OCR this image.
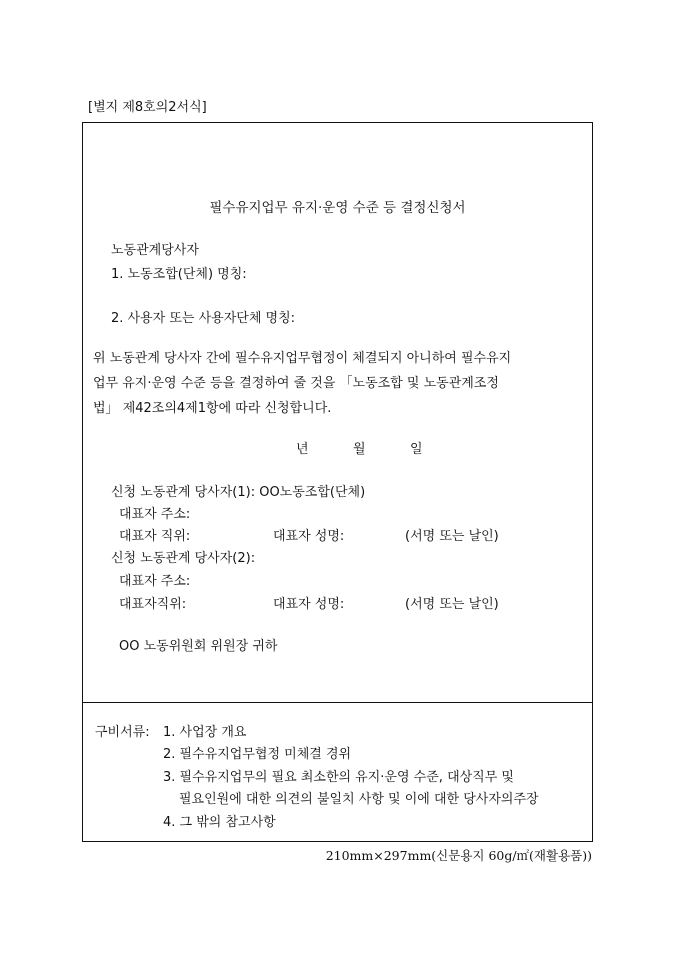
[별지 제8호의2서식]
필수유지업무 유지·운영 수준 등 결정신청서
노동관계당사자
1. 노동조합(단체) 명칭:
2. 사용자 또는 사용자단체 명칭:
위 노동관계 당사자 간에 필수유지업무협정이 체결되지 아니하여 필수유지
업무 유지·운영 수준 등을 결정하여 줄 것을 「노동조합 및 노동관계조정
법」 제42조의4제1항에 따라 신청합니다.
년	월	일
신청 노동관계 당사자(1): OO노동조합(단체)
대표자 주소:
대표자 직위:	대표자 성명:	(서명 또는 날인)
신청 노동관계 당사자(2):
대표자 주소:
대표자직위:	대표자 성명:	(서명 또는 날인)
OO 노동위원회 위원장 귀하
구비서류: 1. 사업장 개요
2. 필수유지업무협정 미체결 경위
3. 필수유지업무의 필요 최소한의 유지·운영 수준, 대상직무 및
필요인원에 대한 의견의 불일치 사항 및 이에 대한 당사자의주장
4. 그 밖의 참고사항
210mm×297mm(신문용지 60g/㎡(재활용품))
